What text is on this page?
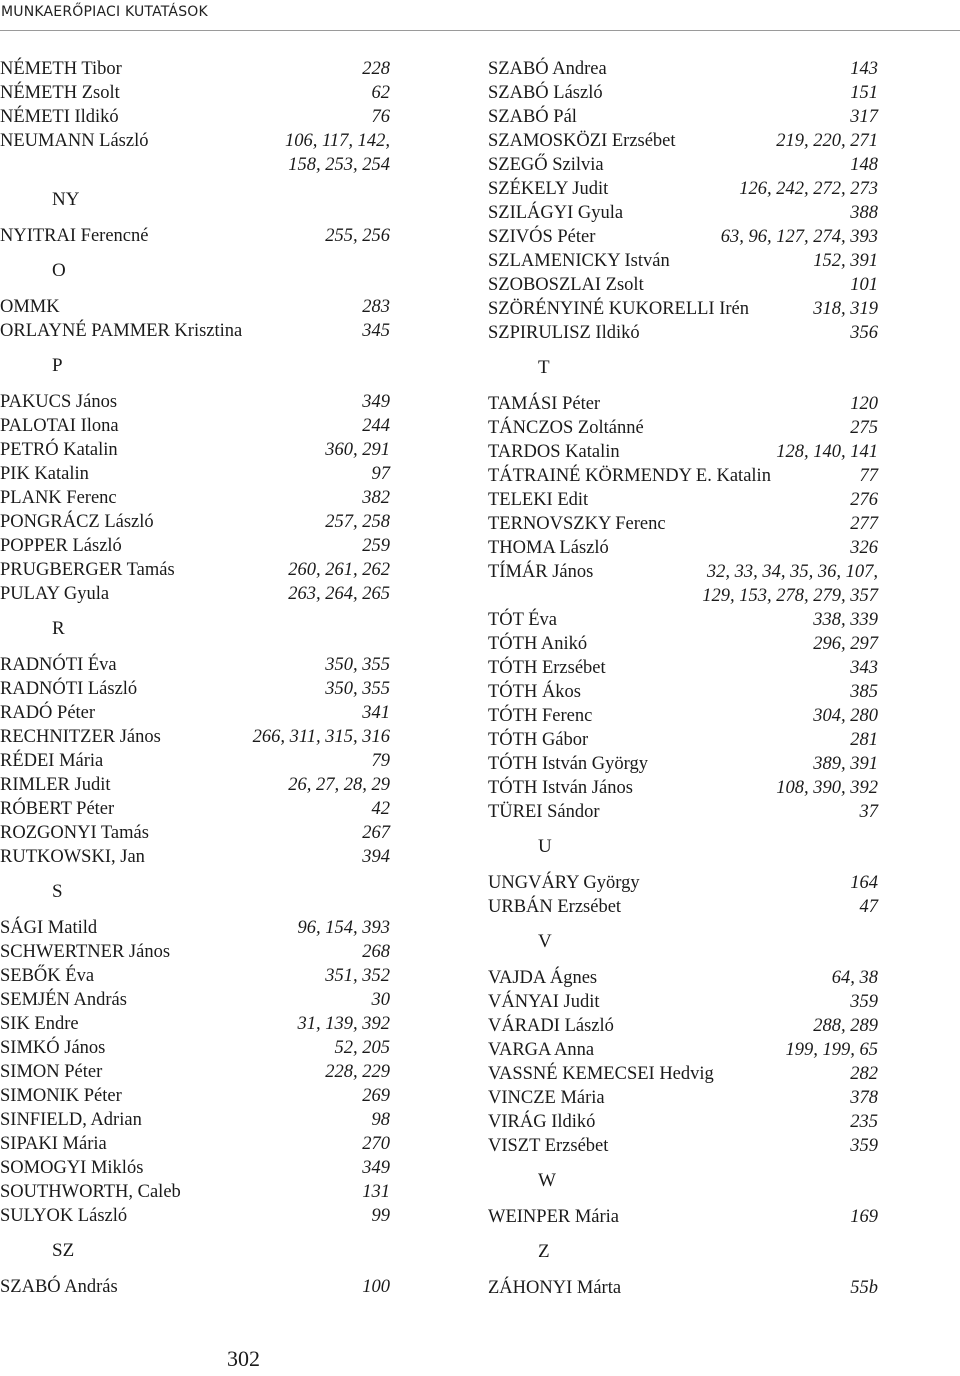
MUNKAERŐPIACI KUTATÁSOK
NÉMETH Tibor	228
NÉMETH Zsolt	62
NÉMETI Ildikó	76
NEUMANN László	106, 117, 142,
158, 253, 254
NY
NYITRAI Ferencné	255, 256
O
OMMK	283
ORLAYNÉ PAMMER Krisztina	345
P
PAKUCS János	349
PALOTAI Ilona	244
PETRÓ Katalin	360, 291
PIK Katalin	97
PLANK Ferenc	382
PONGRÁCZ László	257, 258
POPPER László	259
PRUGBERGER Tamás	260, 261, 262
PULAY Gyula	263, 264, 265
R
RADNÓTI Éva	350, 355
RADNÓTI László	350, 355
RADÓ Péter	341
RECHNITZER János	266, 311, 315, 316
RÉDEI Mária	79
RIMLER Judit	26, 27, 28, 29
RÓBERT Péter	42
ROZGONYI Tamás	267
RUTKOWSKI, Jan	394
S
SÁGI Matild	96, 154, 393
SCHWERTNER János	268
SEBŐK Éva	351, 352
SEMJÉN András	30
SIK Endre	31, 139, 392
SIMKÓ János	52, 205
SIMON Péter	228, 229
SIMONIK Péter	269
SINFIELD, Adrian	98
SIPAKI Mária	270
SOMOGYI Miklós	349
SOUTHWORTH, Caleb	131
SULYOK László	99
SZ
SZABÓ András	100
SZABÓ Andrea	143
SZABÓ László	151
SZABÓ Pál	317
SZAMOSKÖZI Erzsébet	219, 220, 271
SZEGŐ Szilvia	148
SZÉKELY Judit	126, 242, 272, 273
SZILÁGYI Gyula	388
SZIVÓS Péter	63, 96, 127, 274, 393
SZLAMENICKY István	152, 391
SZOBOSZLAI Zsolt	101
SZÖRÉNYINÉ KUKORELLI Irén	318, 319
SZPIRULISZ Ildikó	356
T
TAMÁSI Péter	120
TÁNCZOS Zoltánné	275
TARDOS Katalin	128, 140, 141
TÁTRAINÉ KÖRMENDY E. Katalin	77
TELEKI Edit	276
TERNOVSZKY Ferenc	277
THOMA László	326
TÍMÁR János	32, 33, 34, 35, 36, 107,
129, 153, 278, 279, 357
TÓT Éva	338, 339
TÓTH Anikó	296, 297
TÓTH Erzsébet	343
TÓTH Ákos	385
TÓTH Ferenc	304, 280
TÓTH Gábor	281
TÓTH István György	389, 391
TÓTH István János	108, 390, 392
TÜREI Sándor	37
U
UNGVÁRY György	164
URBÁN Erzsébet	47
V
VAJDA Ágnes	64, 38
VÁNYAI Judit	359
VÁRADI László	288, 289
VARGA Anna	199, 199, 65
VASSNÉ KEMECSEI Hedvig	282
VINCZE Mária	378
VIRÁG Ildikó	235
VISZT Erzsébet	359
W
WEINPER Mária	169
Z
ZÁHONYI Márta	55b
302
